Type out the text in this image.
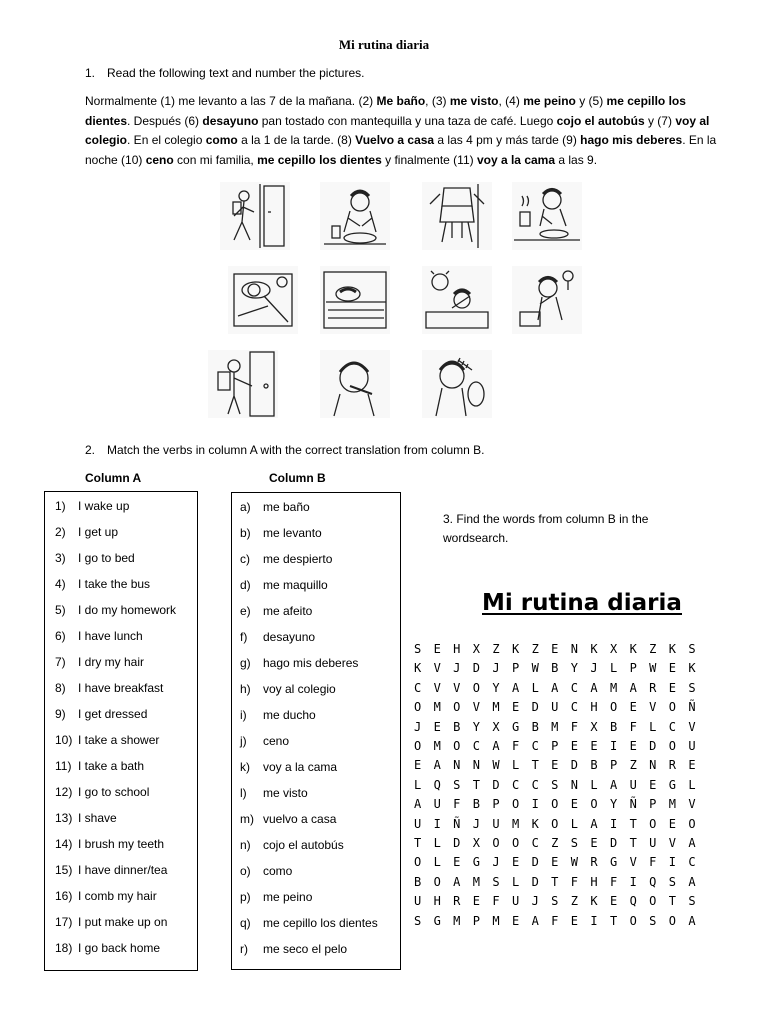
Mi rutina diaria
1. Read the following text and number the pictures.
Normalmente (1) me levanto a las 7 de la mañana. (2) Me baño, (3) me visto, (4) me peino y (5) me cepillo los dientes. Después (6) desayuno pan tostado con mantequilla y una taza de café. Luego cojo el autobús y (7) voy al colegio. En el colegio como a la 1 de la tarde. (8) Vuelvo a casa a las 4 pm y más tarde (9) hago mis deberes. En la noche (10) ceno con mi familia, me cepillo los dientes y finalmente (11) voy a la cama a las 9.
2. Match the verbs in column A with the correct translation from column B.
Column A	Column B
1) I wake up
2) I get up
3) I go to bed
4) I take the bus
5) I do my homework
6) I have lunch
7) I dry my hair
8) I have breakfast
9) I get dressed
10) I take a shower
11) I take a bath
12) I go to school
13) I shave
14) I brush my teeth
15) I have dinner/tea
16) I comb my hair
17) I put make up on
18) I go back home
a) me baño
b) me levanto
c) me despierto
d) me maquillo
e) me afeito
f) desayuno
g) hago mis deberes
h) voy al colegio
i) me ducho
j) ceno
k) voy a la cama
l) me visto
m) vuelvo a casa
n) cojo el autobús
o) como
p) me peino
q) me cepillo los dientes
r) me seco el pelo
3. Find the words from column B in the wordsearch.
Mi rutina diaria
S	E	H	X	Z	K	Z	E	N	K	X	K	Z	K	S
K	V	J	D	J	P	W	B	Y	J	L	P	W	E	K
C	V	V	O	Y	A	L	A	C	A	M	A	R	E	S
O	M	O	V	M	E	D	U	C	H	O	E	V	O	Ñ
J	E	B	Y	X	G	B	M	F	X	B	F	L	C	V
O	M	O	C	A	F	C	P	E	E	I	E	D	O	U
E	A	N	N	W	L	T	E	D	B	P	Z	N	R	E
L	Q	S	T	D	C	C	S	N	L	A	U	E	G	L
A	U	F	B	P	O	I	O	E	O	Y	Ñ	P	M	V
U	I	Ñ	J	U	M	K	O	L	A	I	T	O	E	O
T	L	D	X	O	O	C	Z	S	E	D	T	U	V	A
O	L	E	G	J	E	D	E	W	R	G	V	F	I	C
B	O	A	M	S	L	D	T	F	H	F	I	Q	S	A
U	H	R	E	F	U	J	S	Z	K	E	Q	O	T	S
S	G	M	P	M	E	A	F	E	I	T	O	S	O	A
